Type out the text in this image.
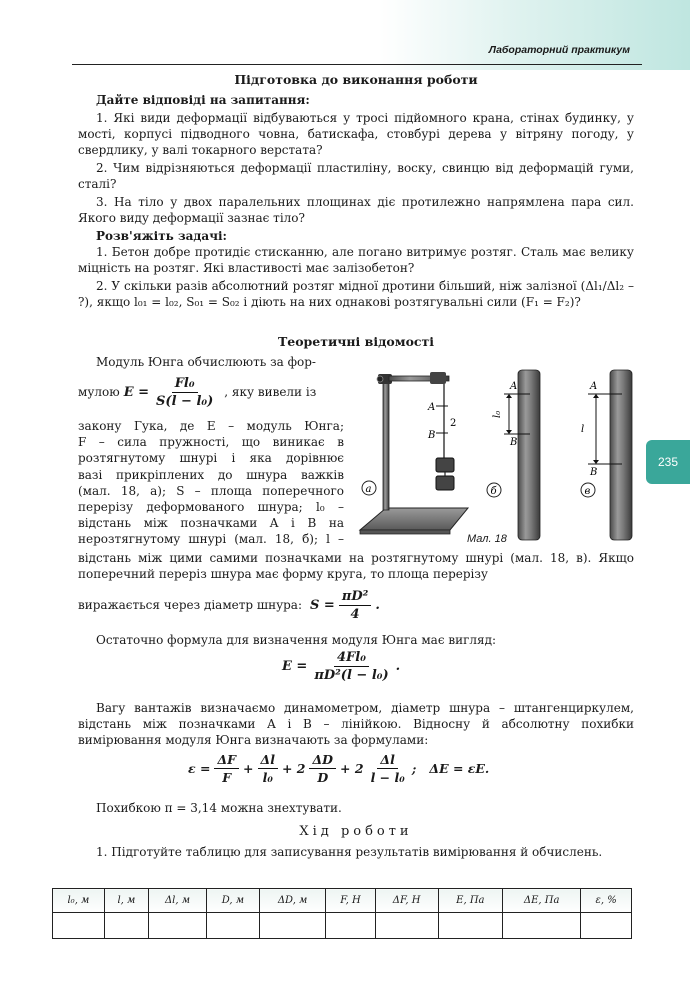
Лабораторний практикум
235
Підготовка до виконання роботи
Дайте відповіді на запитання:
1. Які види деформації відбуваються у тросі підйомного крана, стінах будинку, у мості, корпусі підводного човна, батискафа, стовбурі дерева у вітряну погоду, у свердлику, у валі токарного верстата?
2. Чим відрізняються деформації пластиліну, воску, свинцю від деформацій гуми, сталі?
3. На тіло у двох паралельних площинах діє протилежно напрямлена пара сил. Якого виду деформації зазнає тіло?
Розв'яжіть задачі:
1. Бетон добре протидіє стисканню, але погано витримує розтяг. Сталь має велику міцність на розтяг. Які властивості має залізобетон?
2. У скільки разів абсолютний розтяг мідної дротини більший, ніж залізної (Δl₁/Δl₂ – ?), якщо l₀₁ = l₀₂, S₀₁ = S₀₂ і діють на них однакові розтягувальні сили (F₁ = F₂)?
Теоретичні відомості
Модуль Юнга обчислюють за фор-
мулою $E = \frac{\text{Fl₀}}{\text{S(l − l₀)}}$ , яку вивели із
закону Гука, де E – модуль Юнга;
F – сила пружності, що виникає в
розтягнутому шнурі і яка дорівнює
вазі прикріплених до шнура важків
(мал. 18, а); S – площа поперечного
перерізу деформованого шнура; l₀ –
відстань між позначками A і B на
нерозтягнутому шнурі (мал. 18, б); l –
A
B
2
а
A
B
l₀
б
A
B
l
в
Мал. 18
відстань між цими самими позначками на розтягнутому шнурі (мал. 18, в). Якщо поперечний переріз шнура має форму круга, то площа перерізу
виражається через діаметр шнура: $S = \frac{\text{πD²}}{4}$ .
Остаточно формула для визначення модуля Юнга має вигляд:
$E = \frac{\text{4Fl₀}}{\text{πD²(l − l₀)}}$ .
Вагу вантажів визначаємо динамометром, діаметр шнура – штангенциркулем, відстань між позначками A і B – лінійкою. Відносну й абсолютну похибки вимірювання модуля Юнга визначають за формулами:
$\varepsilon = \frac{\Delta F}{F} + \frac{\Delta l}{\text{l₀}} + 2 \frac{\Delta D}{D} + 2 \frac{\Delta l}{\text{l − l₀}}$ ; ΔE = εE.
Похибкою π = 3,14 можна знехтувати.
Хід роботи
1. Підготуйте таблицю для записування результатів вимірювання й обчислень.
l₀, м	l, м	Δl, м	D, м	ΔD, м	F, Н	ΔF, Н	E, Па	ΔE, Па	ε, %
